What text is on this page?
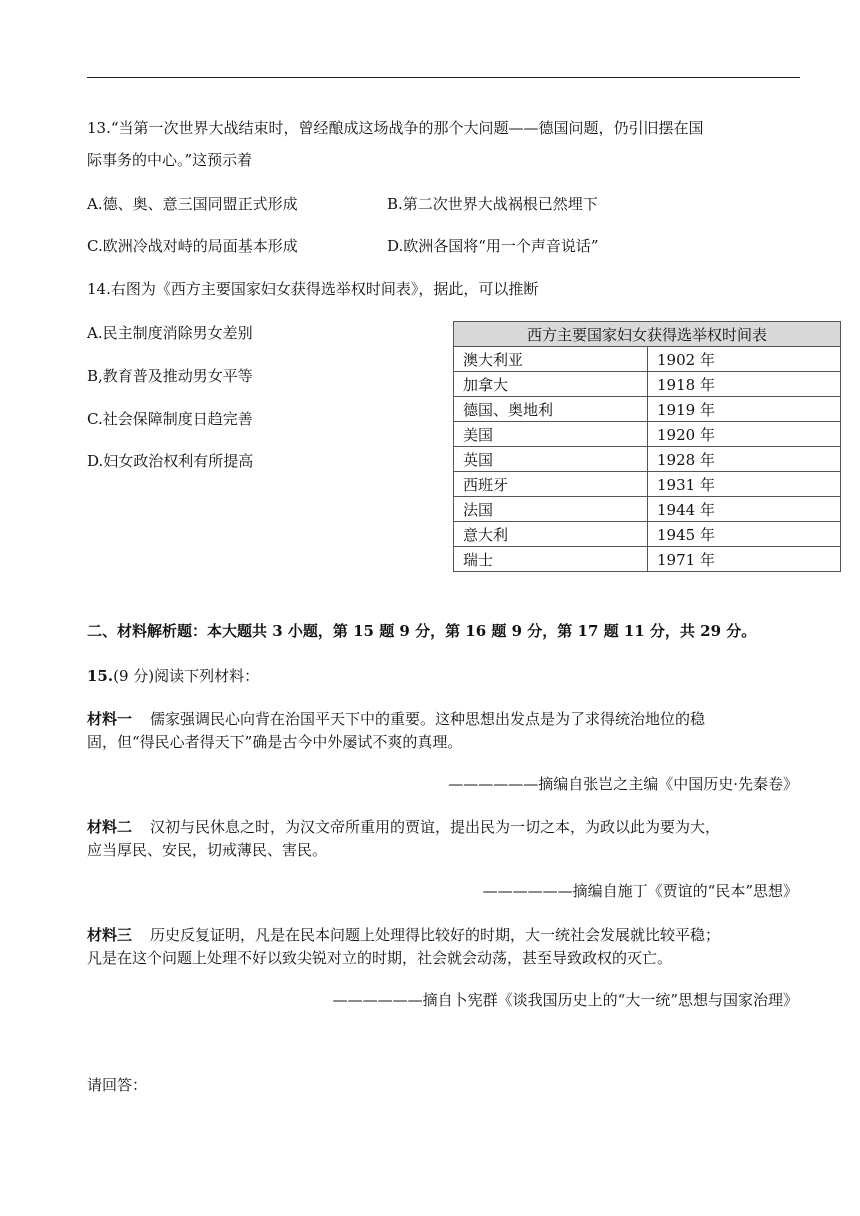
13.“当第一次世界大战结束时，曾经酿成这场战争的那个大问题——德国问题，仍引旧摆在国
际事务的中心。”这预示着
A.德、奥、意三国同盟正式形成	B.第二次世界大战祸根已然埋下
C.欧洲冷战对峙的局面基本形成	D.欧洲各国将“用一个声音说话”
14.右图为《西方主要国家妇女获得选举权时间表》，据此，可以推断
A.民主制度消除男女差别
B,教育普及推动男女平等
C.社会保障制度日趋完善
D.妇女政治权利有所提高
西方主要国家妇女获得选举权时间表	
澳大利亚	1902 年
加拿大	1918 年
德国、奥地利	1919 年
美国	1920 年
英国	1928 年
西班牙	1931 年
法国	1944 年
意大利	1945 年
瑞士	1971 年
二、材料解析题：本大题共 3 小题，第 15 题 9 分，第 16 题 9 分，第 17 题 11 分，共 29 分。
15.(9 分)阅读下列材料：
材料一 儒家强调民心向背在治国平天下中的重要。这种思想出发点是为了求得统治地位的稳
固，但“得民心者得天下”确是古今中外屡试不爽的真理。
——————摘编自张岂之主编《中国历史·先秦卷》
材料二 汉初与民休息之时，为汉文帝所重用的贾谊，提出民为一切之本，为政以此为要为大，
应当厚民、安民，切戒薄民、害民。
——————摘编自施丁《贾谊的“民本”思想》
材料三 历史反复证明，凡是在民本问题上处理得比较好的时期，大一统社会发展就比较平稳；
凡是在这个问题上处理不好以致尖锐对立的时期，社会就会动荡，甚至导致政权的灭亡。
——————摘自卜宪群《谈我国历史上的“大一统”思想与国家治理》
请回答：
